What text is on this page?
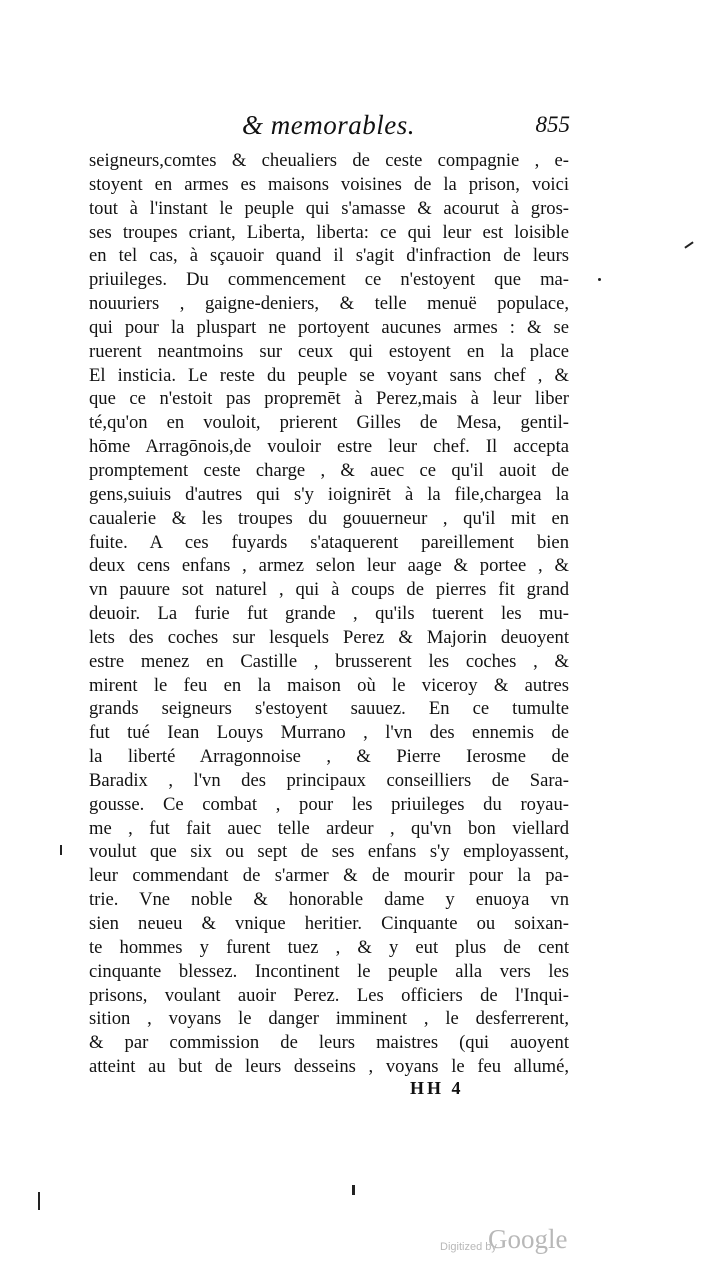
& memorables.	855
seigneurs,comtes & cheualiers de ceste compagnie , e-
stoyent en armes es maisons voisines de la prison, voici
tout à l'instant le peuple qui s'amasse & acourut à gros-
ses troupes criant, Liberta, liberta: ce qui leur est loisible
en tel cas, à sçauoir quand il s'agit d'infraction de leurs
priuileges. Du commencement ce n'estoyent que ma-
nouuriers , gaigne-deniers, & telle menuë populace,
qui pour la pluspart ne portoyent aucunes armes : & se
ruerent neantmoins sur ceux qui estoyent en la place
El insticia. Le reste du peuple se voyant sans chef , &
que ce n'estoit pas propremēt à Perez,mais à leur liber
té,qu'on en vouloit, prierent Gilles de Mesa, gentil-
hōme Arragōnois,de vouloir estre leur chef. Il accepta
promptement ceste charge , & auec ce qu'il auoit de
gens,suiuis d'autres qui s'y ioignirēt à la file,chargea la
caualerie & les troupes du gouuerneur , qu'il mit en
fuite. A ces fuyards s'ataquerent pareillement bien
deux cens enfans , armez selon leur aage & portee , &
vn pauure sot naturel , qui à coups de pierres fit grand
deuoir. La furie fut grande , qu'ils tuerent les mu-
lets des coches sur lesquels Perez & Majorin deuoyent
estre menez en Castille , brusserent les coches , &
mirent le feu en la maison où le viceroy & autres
grands seigneurs s'estoyent sauuez. En ce tumulte
fut tué Iean Louys Murrano , l'vn des ennemis de
la liberté Arragonnoise , & Pierre Ierosme de
Baradix , l'vn des principaux conseilliers de Sara-
gousse. Ce combat , pour les priuileges du royau-
me , fut fait auec telle ardeur , qu'vn bon viellard
voulut que six ou sept de ses enfans s'y employassent,
leur commendant de s'armer & de mourir pour la pa-
trie. Vne noble & honorable dame y enuoya vn
sien neueu & vnique heritier. Cinquante ou soixan-
te hommes y furent tuez , & y eut plus de cent
cinquante blessez. Incontinent le peuple alla vers les
prisons, voulant auoir Perez. Les officiers de l'Inqui-
sition , voyans le danger imminent , le desferrerent,
& par commission de leurs maistres (qui auoyent
atteint au but de leurs desseins , voyans le feu allumé,
HH 4
Digitized by
Google
